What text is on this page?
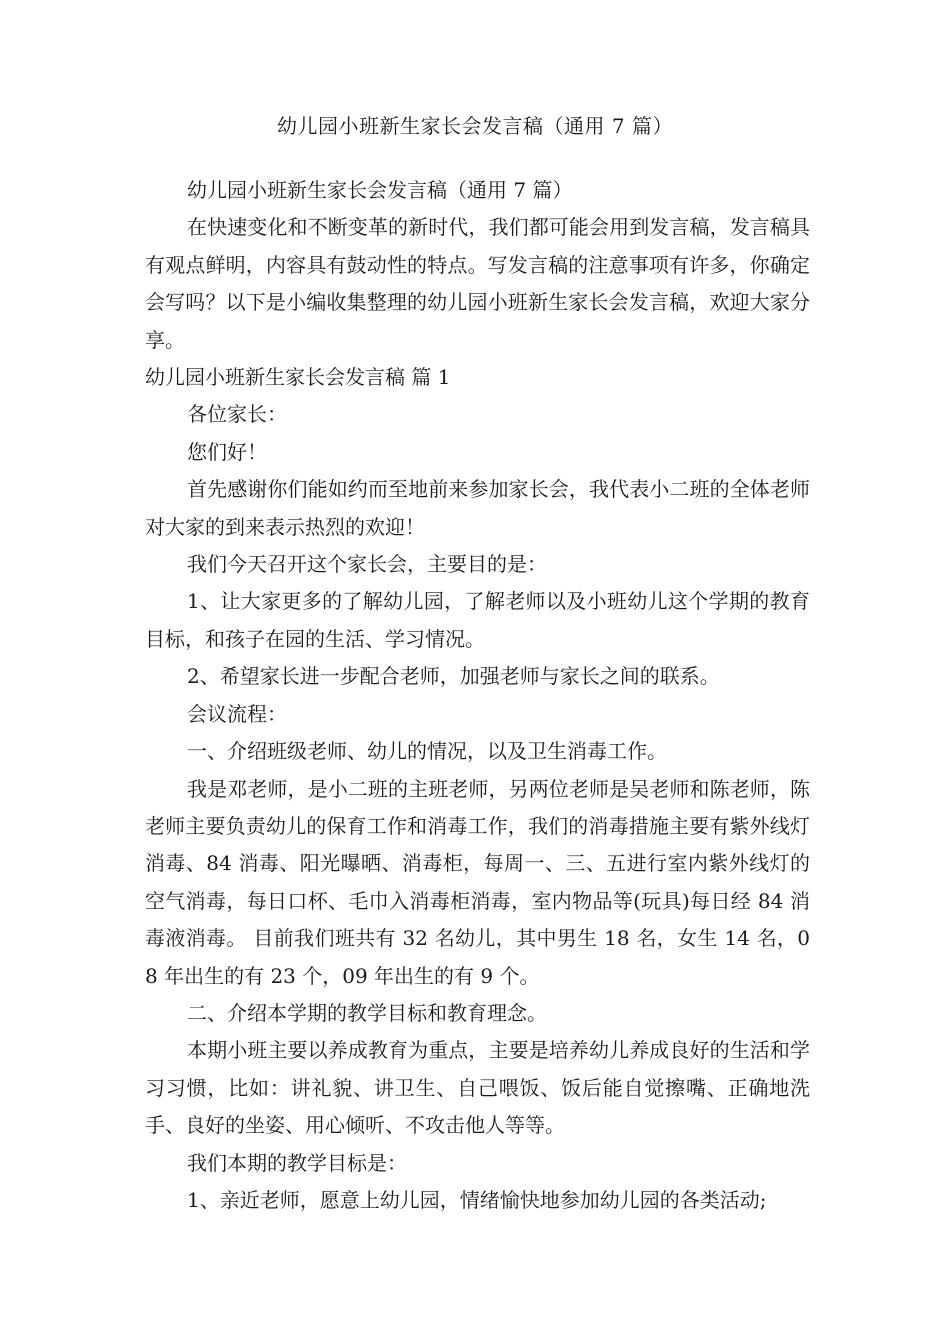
幼儿园小班新生家长会发言稿（通用 7 篇）

幼儿园小班新生家长会发言稿（通用 7 篇）

在快速变化和不断变革的新时代，我们都可能会用到发言稿，发言稿具有观点鲜明，内容具有鼓动性的特点。写发言稿的注意事项有许多，你确定会写吗？以下是小编收集整理的幼儿园小班新生家长会发言稿，欢迎大家分享。

幼儿园小班新生家长会发言稿 篇 1

各位家长：

您们好！

首先感谢你们能如约而至地前来参加家长会，我代表小二班的全体老师对大家的到来表示热烈的欢迎！

我们今天召开这个家长会，主要目的是：

1、让大家更多的了解幼儿园，了解老师以及小班幼儿这个学期的教育目标，和孩子在园的生活、学习情况。

2、希望家长进一步配合老师，加强老师与家长之间的联系。

会议流程：

一、介绍班级老师、幼儿的情况，以及卫生消毒工作。

我是邓老师，是小二班的主班老师，另两位老师是吴老师和陈老师，陈老师主要负责幼儿的保育工作和消毒工作，我们的消毒措施主要有紫外线灯消毒、84 消毒、阳光曝晒、消毒柜，每周一、三、五进行室内紫外线灯的空气消毒，每日口杯、毛巾入消毒柜消毒，室内物品等(玩具)每日经 84 消毒液消毒。 目前我们班共有 32 名幼儿，其中男生 18 名，女生 14 名，08 年出生的有 23 个，09 年出生的有 9 个。

二、介绍本学期的教学目标和教育理念。

本期小班主要以养成教育为重点，主要是培养幼儿养成良好的生活和学习习惯，比如：讲礼貌、讲卫生、自己喂饭、饭后能自觉擦嘴、正确地洗手、良好的坐姿、用心倾听、不攻击他人等等。

我们本期的教学目标是：

1、亲近老师，愿意上幼儿园，情绪愉快地参加幼儿园的各类活动;
